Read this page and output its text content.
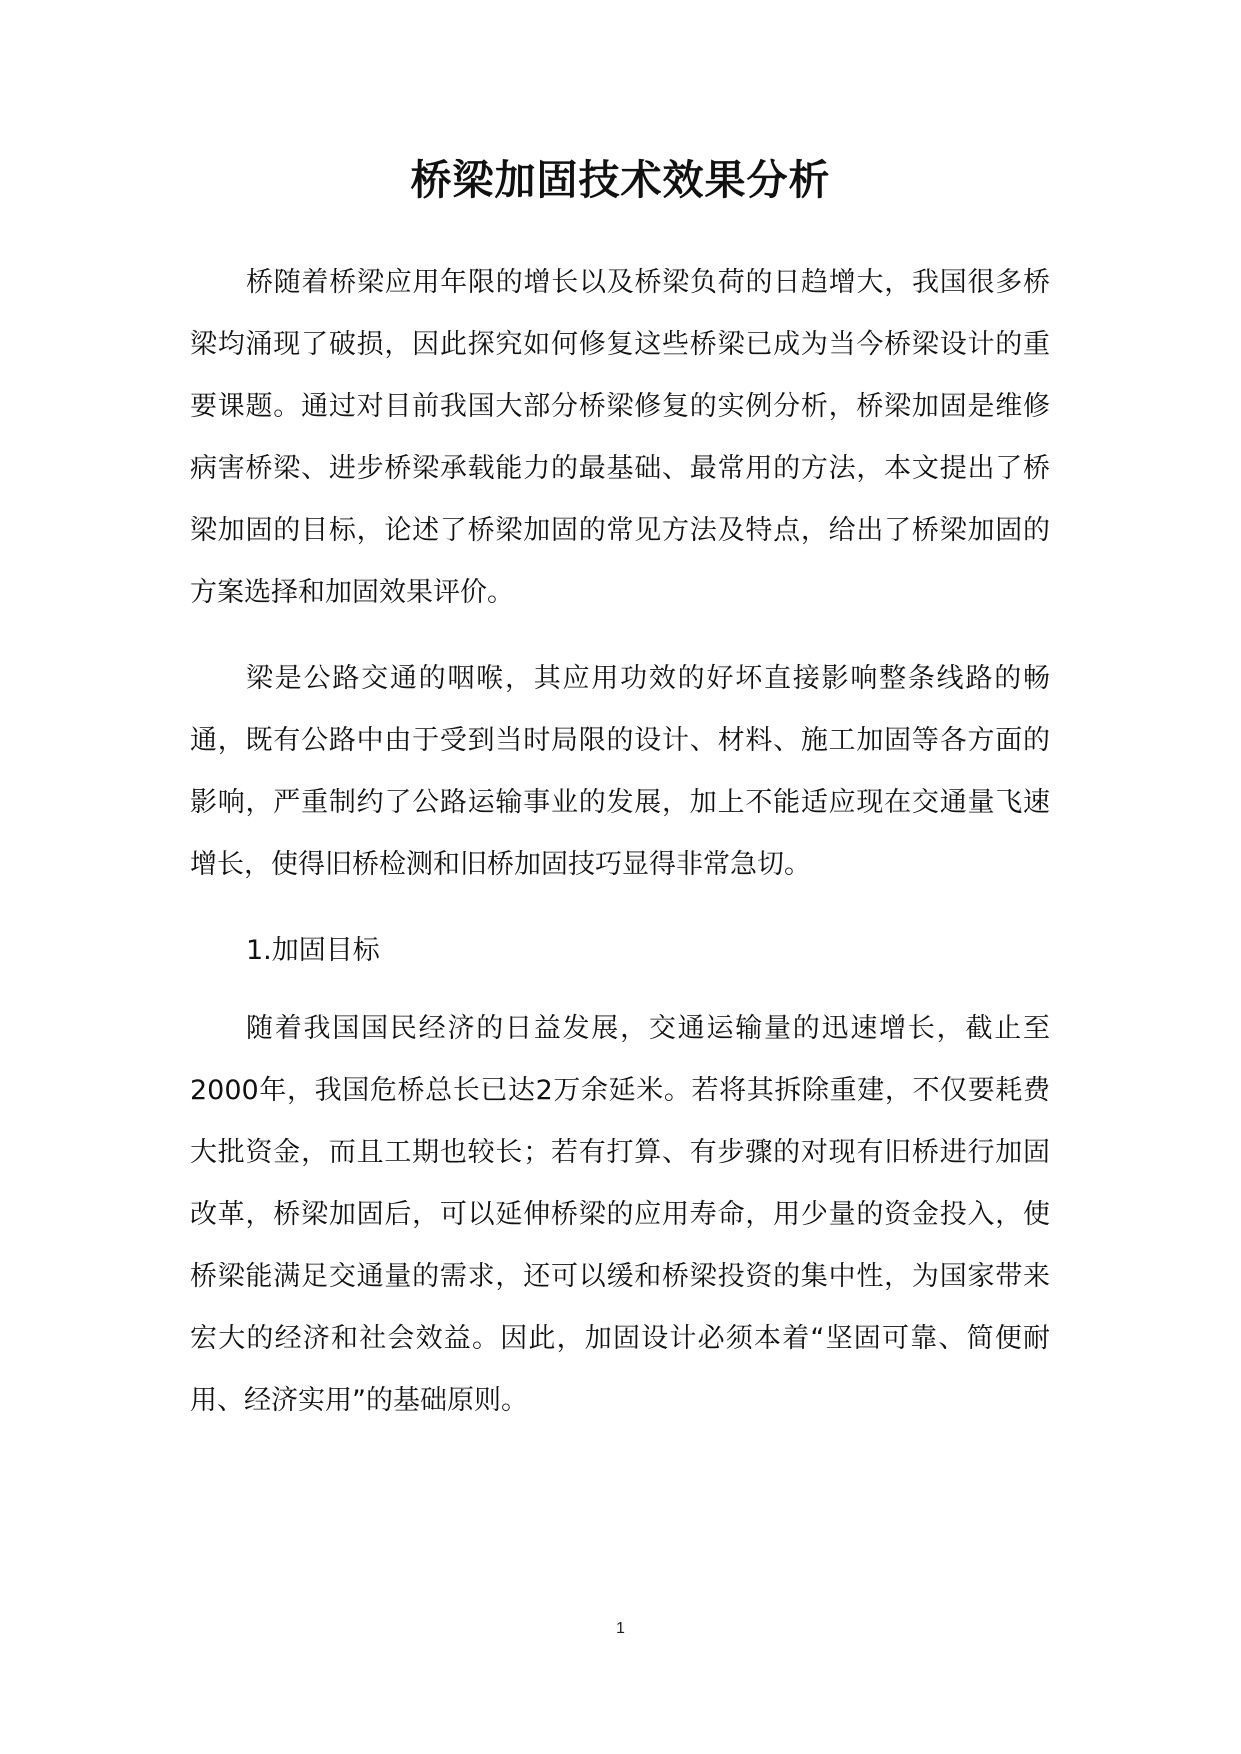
桥梁加固技术效果分析

桥随着桥梁应用年限的增长以及桥梁负荷的日趋增大，我国很多桥梁均涌现了破损，因此探究如何修复这些桥梁已成为当今桥梁设计的重要课题。通过对目前我国大部分桥梁修复的实例分析，桥梁加固是维修病害桥梁、进步桥梁承载能力的最基础、最常用的方法，本文提出了桥梁加固的目标，论述了桥梁加固的常见方法及特点，给出了桥梁加固的方案选择和加固效果评价。

梁是公路交通的咽喉，其应用功效的好坏直接影响整条线路的畅通，既有公路中由于受到当时局限的设计、材料、施工加固等各方面的影响，严重制约了公路运输事业的发展，加上不能适应现在交通量飞速增长，使得旧桥检测和旧桥加固技巧显得非常急切。

1.加固目标

随着我国国民经济的日益发展，交通运输量的迅速增长，截止至2000年，我国危桥总长已达2万余延米。若将其拆除重建，不仅要耗费大批资金，而且工期也较长；若有打算、有步骤的对现有旧桥进行加固改革，桥梁加固后，可以延伸桥梁的应用寿命，用少量的资金投入，使桥梁能满足交通量的需求，还可以缓和桥梁投资的集中性，为国家带来宏大的经济和社会效益。因此，加固设计必须本着“坚固可靠、简便耐用、经济实用”的基础原则。

1
